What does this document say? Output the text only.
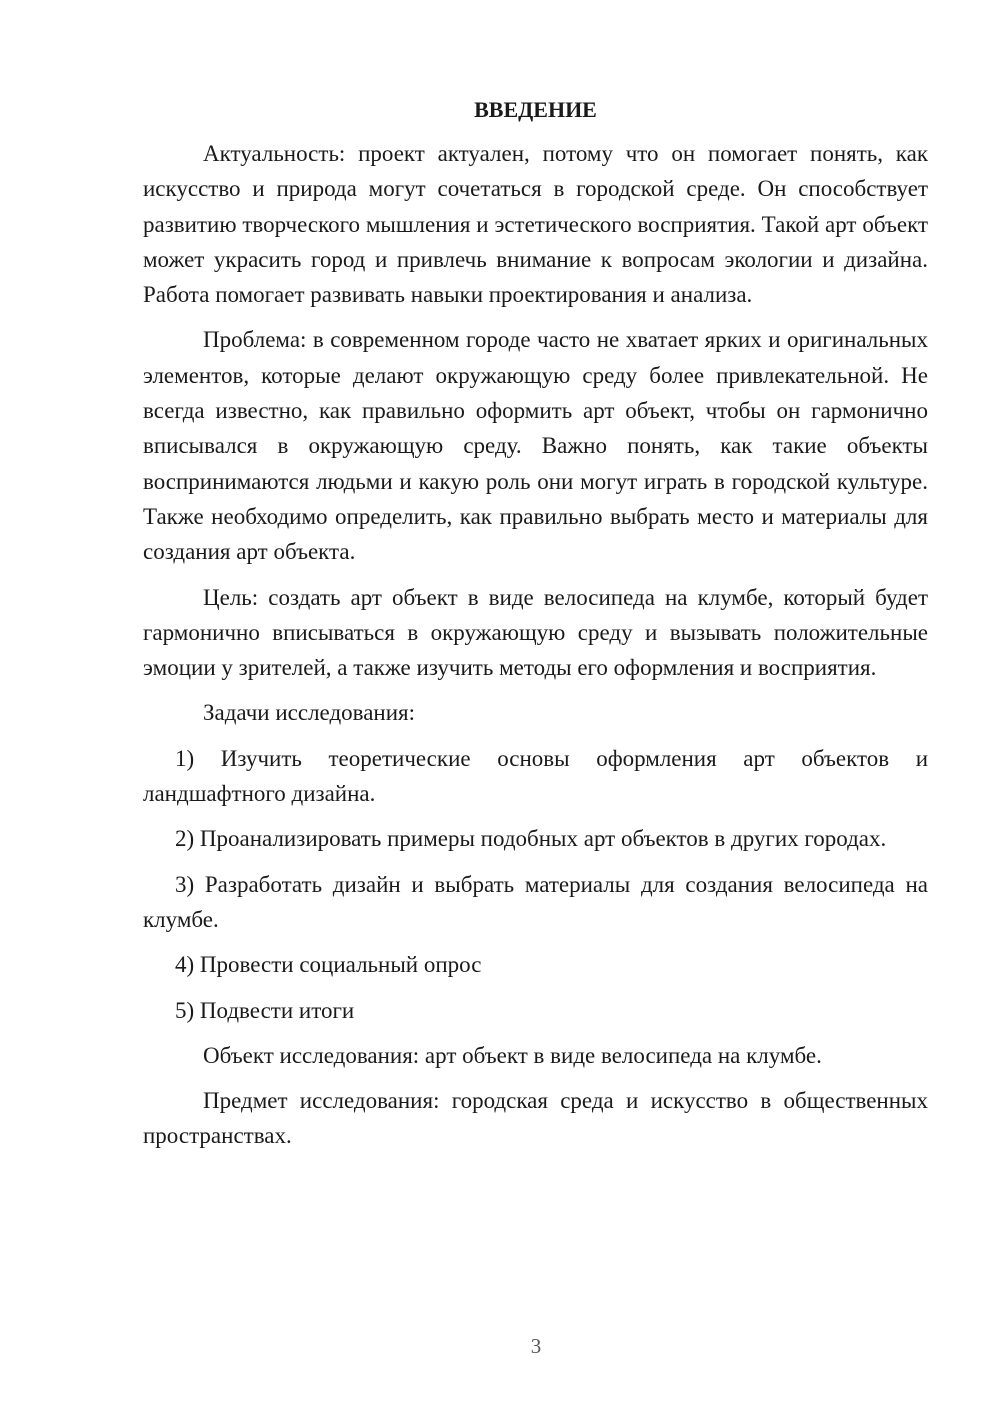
ВВЕДЕНИЕ

Актуальность: проект актуален, потому что он помогает понять, как искусство и природа могут сочетаться в городской среде. Он способствует развитию творческого мышления и эстетического восприятия. Такой арт объект может украсить город и привлечь внимание к вопросам экологии и дизайна. Работа помогает развивать навыки проектирования и анализа.

Проблема: в современном городе часто не хватает ярких и оригинальных элементов, которые делают окружающую среду более привлекательной. Не всегда известно, как правильно оформить арт объект, чтобы он гармонично вписывался в окружающую среду. Важно понять, как такие объекты воспринимаются людьми и какую роль они могут играть в городской культуре. Также необходимо определить, как правильно выбрать место и материалы для создания арт объекта.

Цель: создать арт объект в виде велосипеда на клумбе, который будет гармонично вписываться в окружающую среду и вызывать положительные эмоции у зрителей, а также изучить методы его оформления и восприятия.

Задачи исследования:

1) Изучить теоретические основы оформления арт объектов и ландшафтного дизайна.

2) Проанализировать примеры подобных арт объектов в других городах.

3) Разработать дизайн и выбрать материалы для создания велосипеда на клумбе.

4) Провести социальный опрос

5) Подвести итоги

Объект исследования: арт объект в виде велосипеда на клумбе.

Предмет исследования: городская среда и искусство в общественных пространствах.

3
